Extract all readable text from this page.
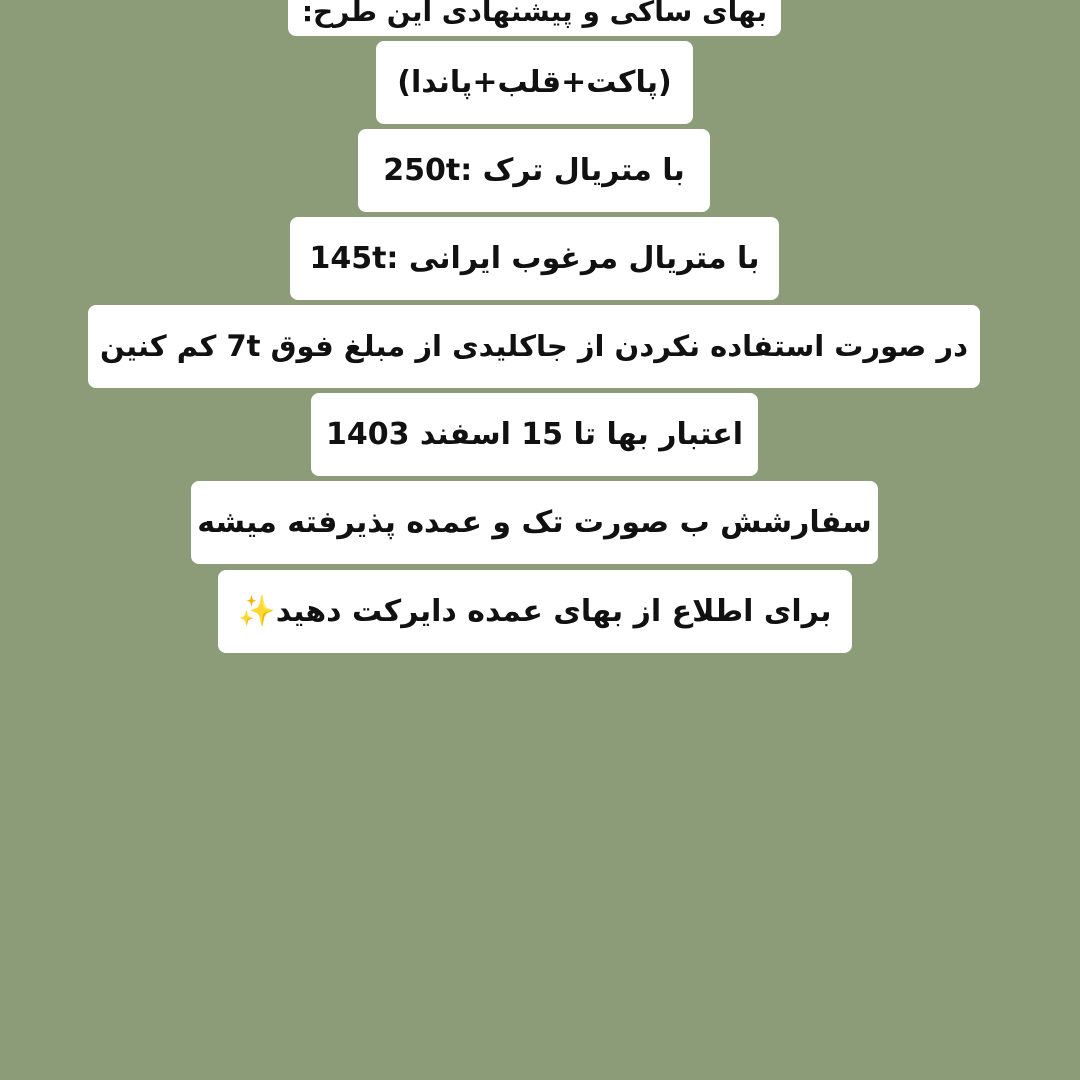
بهای ساکی و پیشنهادی این طرح:
(پاکت+قلب+پاندا)
با متریال ترک :250t
با متریال مرغوب ایرانی :145t
در صورت استفاده نکردن از جاکلیدی از مبلغ فوق 7t کم کنین
اعتبار بها تا 15 اسفند 1403
سفارشش ب صورت تک و عمده پذیرفته میشه
برای اطلاع از بهای عمده دایرکت دهید
✨
